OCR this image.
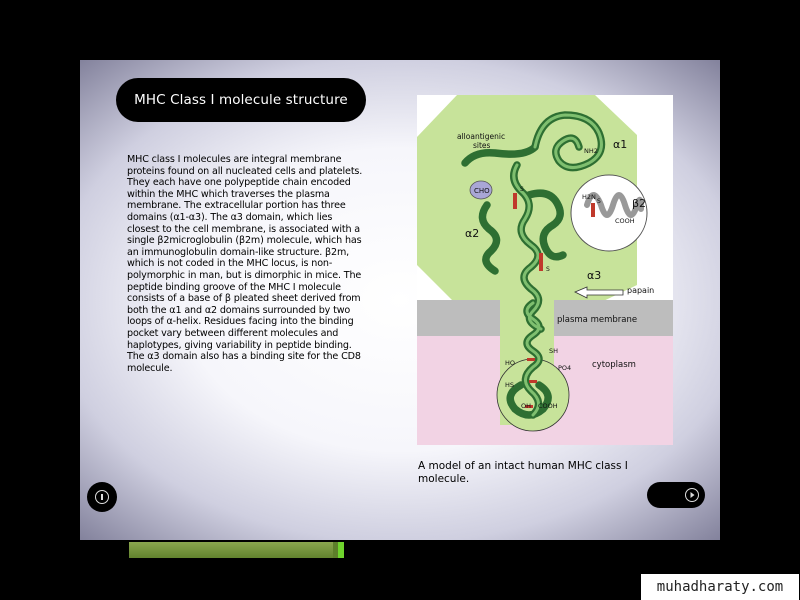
MHC Class I molecule structure
MHC class I molecules are integral membrane proteins found on all nucleated cells and platelets. They each have one polypeptide chain encoded within the MHC which traverses the plasma membrane. The extracellular portion has three domains (α1-α3). The α3 domain, which lies closest to the cell membrane, is associated with a single β2microglobulin (β2m) molecule, which has an immunoglobulin domain-like structure. β2m, which is not coded in the MHC locus, is non-polymorphic in man, but is dimorphic in mice. The peptide binding groove of the MHC I molecule consists of a base of β pleated sheet derived from both the α1 and α2 domains surrounded by two loops of α-helix. Residues facing into the binding pocket vary between different molecules and haplotypes, giving variability in peptide binding. The α3 domain also has a binding site for the CD8 molecule.
alloantigenic
sites
CHO
NH2
H2N
COOH
papain
plasma membrane
cytoplasm
SH
HO
PO4
HS
OH COOH
S
S
S
α1
α2
α3
β2
A model of an intact human MHC class I molecule.
muhadharaty.com
